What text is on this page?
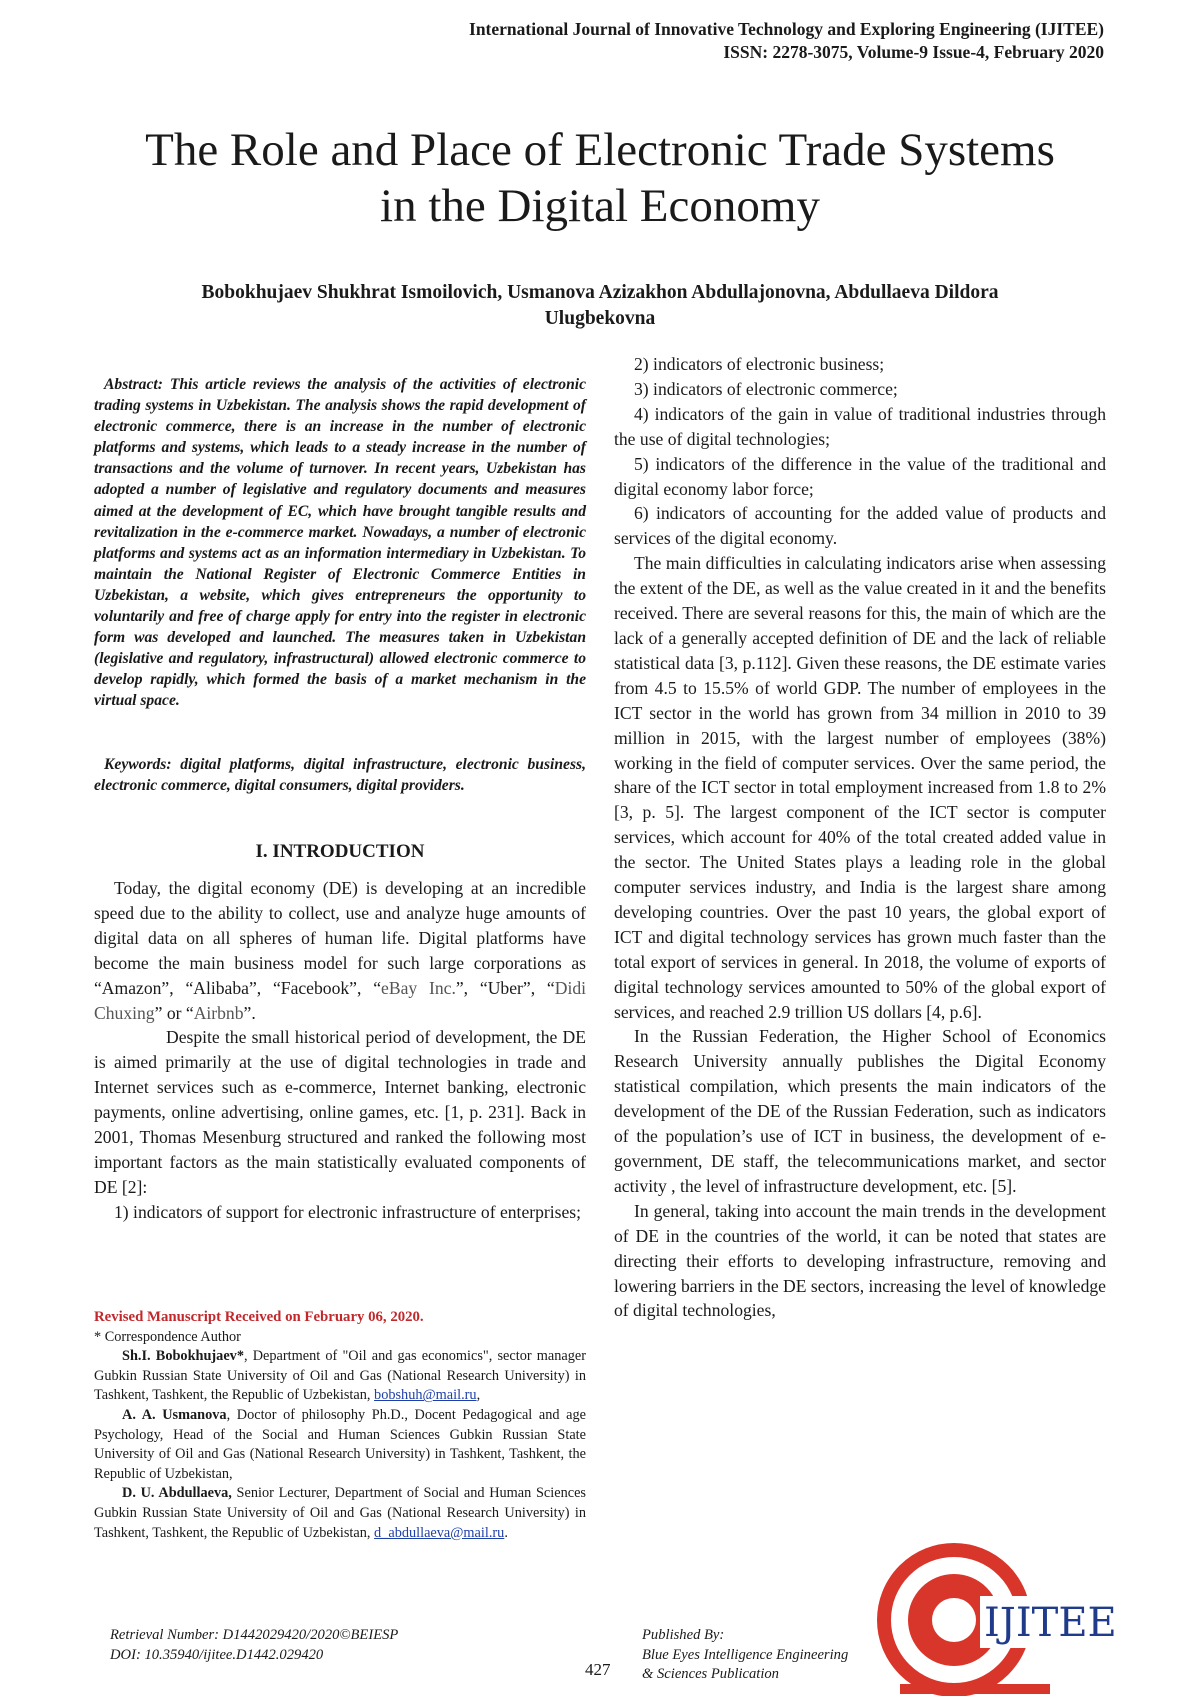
International Journal of Innovative Technology and Exploring Engineering (IJITEE)
ISSN: 2278-3075, Volume-9 Issue-4, February 2020
The Role and Place of Electronic Trade Systems
in the Digital Economy
Bobokhujaev Shukhrat Ismoilovich, Usmanova Azizakhon Abdullajonovna, Abdullaeva Dildora
Ulugbekovna
Abstract: This article reviews the analysis of the activities of electronic trading systems in Uzbekistan. The analysis shows the rapid development of electronic commerce, there is an increase in the number of electronic platforms and systems, which leads to a steady increase in the number of transactions and the volume of turnover. In recent years, Uzbekistan has adopted a number of legislative and regulatory documents and measures aimed at the development of EC, which have brought tangible results and revitalization in the e-commerce market. Nowadays, a number of electronic platforms and systems act as an information intermediary in Uzbekistan. To maintain the National Register of Electronic Commerce Entities in Uzbekistan, a website, which gives entrepreneurs the opportunity to voluntarily and free of charge apply for entry into the register in electronic form was developed and launched. The measures taken in Uzbekistan (legislative and regulatory, infrastructural) allowed electronic commerce to develop rapidly, which formed the basis of a market mechanism in the virtual space.
Keywords: digital platforms, digital infrastructure, electronic business, electronic commerce, digital consumers, digital providers.
I. INTRODUCTION

Today, the digital economy (DE) is developing at an incredible speed due to the ability to collect, use and analyze huge amounts of digital data on all spheres of human life. Digital platforms have become the main business model for such large corporations as “Amazon”, “Alibaba”, “Facebook”, “eBay Inc.”, “Uber”, “Didi Chuxing” or “Airbnb”.

Despite the small historical period of development, the DE is aimed primarily at the use of digital technologies in trade and Internet services such as e-commerce, Internet banking, electronic payments, online advertising, online games, etc. [1, p. 231]. Back in 2001, Thomas Mesenburg structured and ranked the following most important factors as the main statistically evaluated components of DE [2]:

1) indicators of support for electronic infrastructure of enterprises;

2) indicators of electronic business;

3) indicators of electronic commerce;

4) indicators of the gain in value of traditional industries through the use of digital technologies;

5) indicators of the difference in the value of the traditional and digital economy labor force;

6) indicators of accounting for the added value of products and services of the digital economy.

The main difficulties in calculating indicators arise when assessing the extent of the DE, as well as the value created in it and the benefits received. There are several reasons for this, the main of which are the lack of a generally accepted definition of DE and the lack of reliable statistical data [3, p.112]. Given these reasons, the DE estimate varies from 4.5 to 15.5% of world GDP. The number of employees in the ICT sector in the world has grown from 34 million in 2010 to 39 million in 2015, with the largest number of employees (38%) working in the field of computer services. Over the same period, the share of the ICT sector in total employment increased from 1.8 to 2% [3, p. 5]. The largest component of the ICT sector is computer services, which account for 40% of the total created added value in the sector. The United States plays a leading role in the global computer services industry, and India is the largest share among developing countries. Over the past 10 years, the global export of ICT and digital technology services has grown much faster than the total export of services in general. In 2018, the volume of exports of digital technology services amounted to 50% of the global export of services, and reached 2.9 trillion US dollars [4, p.6].

In the Russian Federation, the Higher School of Economics Research University annually publishes the Digital Economy statistical compilation, which presents the main indicators of the development of the DE of the Russian Federation, such as indicators of the population’s use of ICT in business, the development of e-government, DE staff, the telecommunications market, and sector activity , the level of infrastructure development, etc. [5].

In general, taking into account the main trends in the development of DE in the countries of the world, it can be noted that states are directing their efforts to developing infrastructure, removing and lowering barriers in the DE sectors, increasing the level of knowledge of digital technologies,

Revised Manuscript Received on February 06, 2020.

* Correspondence Author

Sh.I. Bobokhujaev*, Department of "Oil and gas economics", sector manager Gubkin Russian State University of Oil and Gas (National Research University) in Tashkent, Tashkent, the Republic of Uzbekistan, bobshuh@mail.ru,

A. A. Usmanova, Doctor of philosophy Ph.D., Docent Pedagogical and age Psychology, Head of the Social and Human Sciences Gubkin Russian State University of Oil and Gas (National Research University) in Tashkent, Tashkent, the Republic of Uzbekistan,

D. U. Abdullaeva, Senior Lecturer, Department of Social and Human Sciences Gubkin Russian State University of Oil and Gas (National Research University) in Tashkent, Tashkent, the Republic of Uzbekistan, d_abdullaeva@mail.ru.

Retrieval Number: D1442029420/2020©BEIESP
DOI: 10.35940/ijitee.D1442.029420
427
Published By:
Blue Eyes Intelligence Engineering
& Sciences Publication
IJITEE
